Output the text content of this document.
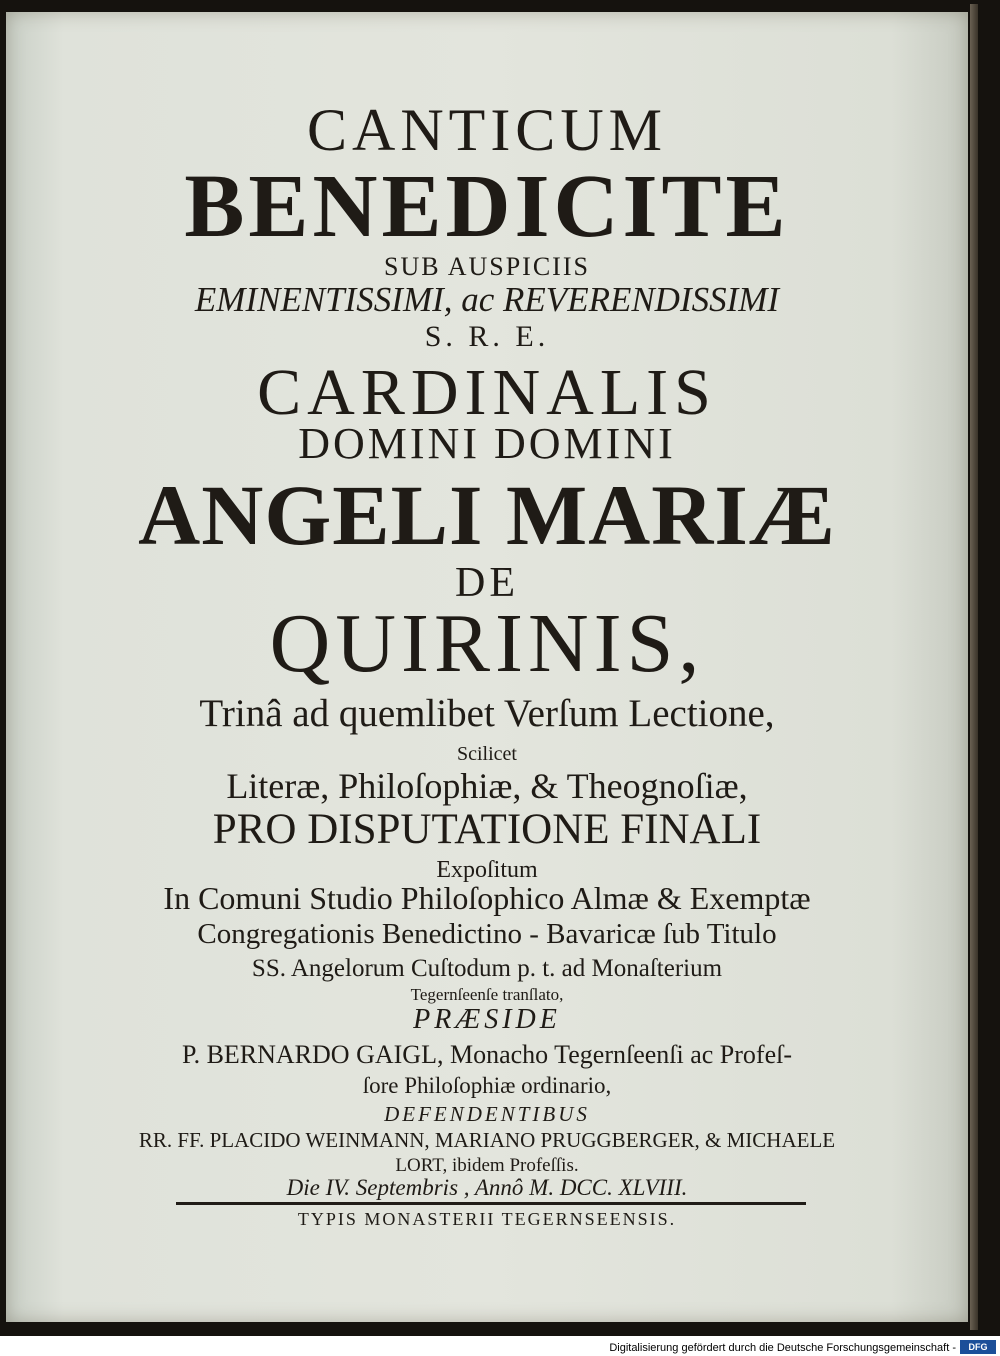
CANTICUM

BENEDICITE

SUB AUSPICIIS

EMINENTISSIMI, ac REVERENDISSIMI

S. R. E.

CARDINALIS

DOMINI DOMINI

ANGELI MARIÆ

DE

QUIRINIS,

Trinâ ad quemlibet Verſum Lectione,

Scilicet

Literæ, Philoſophiæ, & Theognoſiæ,

PRO DISPUTATIONE FINALI

Expoſitum

In Comuni Studio Philoſophico Almæ & Exemptæ

Congregationis Benedictino - Bavaricæ ſub Titulo

SS. Angelorum Cuſtodum p. t. ad Monaſterium

Tegernſeenſe tranſlato,

PRÆSIDE

P. BERNARDO GAIGL, Monacho Tegernſeenſi ac Profeſ-

ſore Philoſophiæ ordinario,

DEFENDENTIBUS

RR. FF. PLACIDO WEINMANN, MARIANO PRUGGBERGER, & MICHAELE

LORT, ibidem Profeſſis.

Die IV. Septembris , Annô M. DCC. XLVIII.

TYPIS MONASTERII TEGERNSEENSIS.

Digitalisierung gefördert durch die Deutsche Forschungsgemeinschaft -	DFG
